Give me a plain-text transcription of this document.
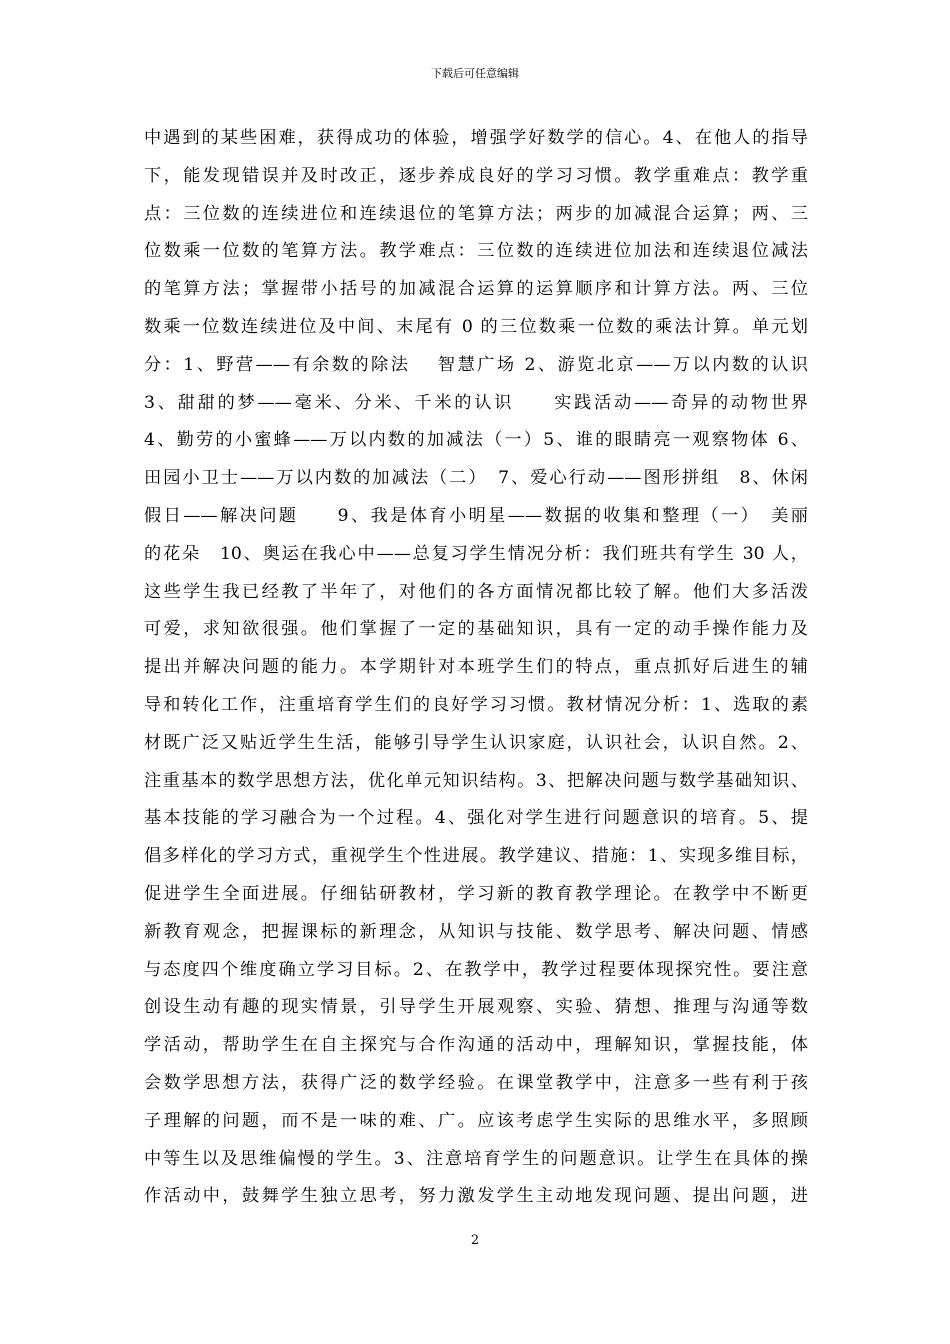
下载后可任意编辑
中遇到的某些困难，获得成功的体验，增强学好数学的信心。4、在他人的指导
下，能发现错误并及时改正，逐步养成良好的学习习惯。教学重难点：教学重
点：三位数的连续进位和连续退位的笔算方法；两步的加减混合运算；两、三
位数乘一位数的笔算方法。教学难点：三位数的连续进位加法和连续退位减法
的笔算方法；掌握带小括号的加减混合运算的运算顺序和计算方法。两、三位
数乘一位数连续进位及中间、末尾有 0 的三位数乘一位数的乘法计算。单元划
分：1、野营——有余数的除法　 智慧广场 2、游览北京——万以内数的认识
3、甜甜的梦——毫米、分米、千米的认识　　实践活动——奇异的动物世界
4、勤劳的小蜜蜂——万以内数的加减法（一）5、谁的眼睛亮一观察物体 6、
田园小卫士——万以内数的加减法（二）　7、爱心行动——图形拼组　8、休闲
假日——解决问题　　9、我是体育小明星——数据的收集和整理（一）　美丽
的花朵　10、奥运在我心中——总复习学生情况分析：我们班共有学生 30 人，
这些学生我已经教了半年了，对他们的各方面情况都比较了解。他们大多活泼
可爱，求知欲很强。他们掌握了一定的基础知识，具有一定的动手操作能力及
提出并解决问题的能力。本学期针对本班学生们的特点，重点抓好后进生的辅
导和转化工作，注重培育学生们的良好学习习惯。教材情况分析：1、选取的素
材既广泛又贴近学生生活，能够引导学生认识家庭，认识社会，认识自然。2、
注重基本的数学思想方法，优化单元知识结构。3、把解决问题与数学基础知识、
基本技能的学习融合为一个过程。4、强化对学生进行问题意识的培育。5、提
倡多样化的学习方式，重视学生个性进展。教学建议、措施：1、实现多维目标，
促进学生全面进展。仔细钻研教材，学习新的教育教学理论。在教学中不断更
新教育观念，把握课标的新理念，从知识与技能、数学思考、解决问题、情感
与态度四个维度确立学习目标。2、在教学中，教学过程要体现探究性。要注意
创设生动有趣的现实情景，引导学生开展观察、实验、猜想、推理与沟通等数
学活动，帮助学生在自主探究与合作沟通的活动中，理解知识，掌握技能，体
会数学思想方法，获得广泛的数学经验。在课堂教学中，注意多一些有利于孩
子理解的问题，而不是一味的难、广。应该考虑学生实际的思维水平，多照顾
中等生以及思维偏慢的学生。3、注意培育学生的问题意识。让学生在具体的操
作活动中，鼓舞学生独立思考，努力激发学生主动地发现问题、提出问题，进
2
